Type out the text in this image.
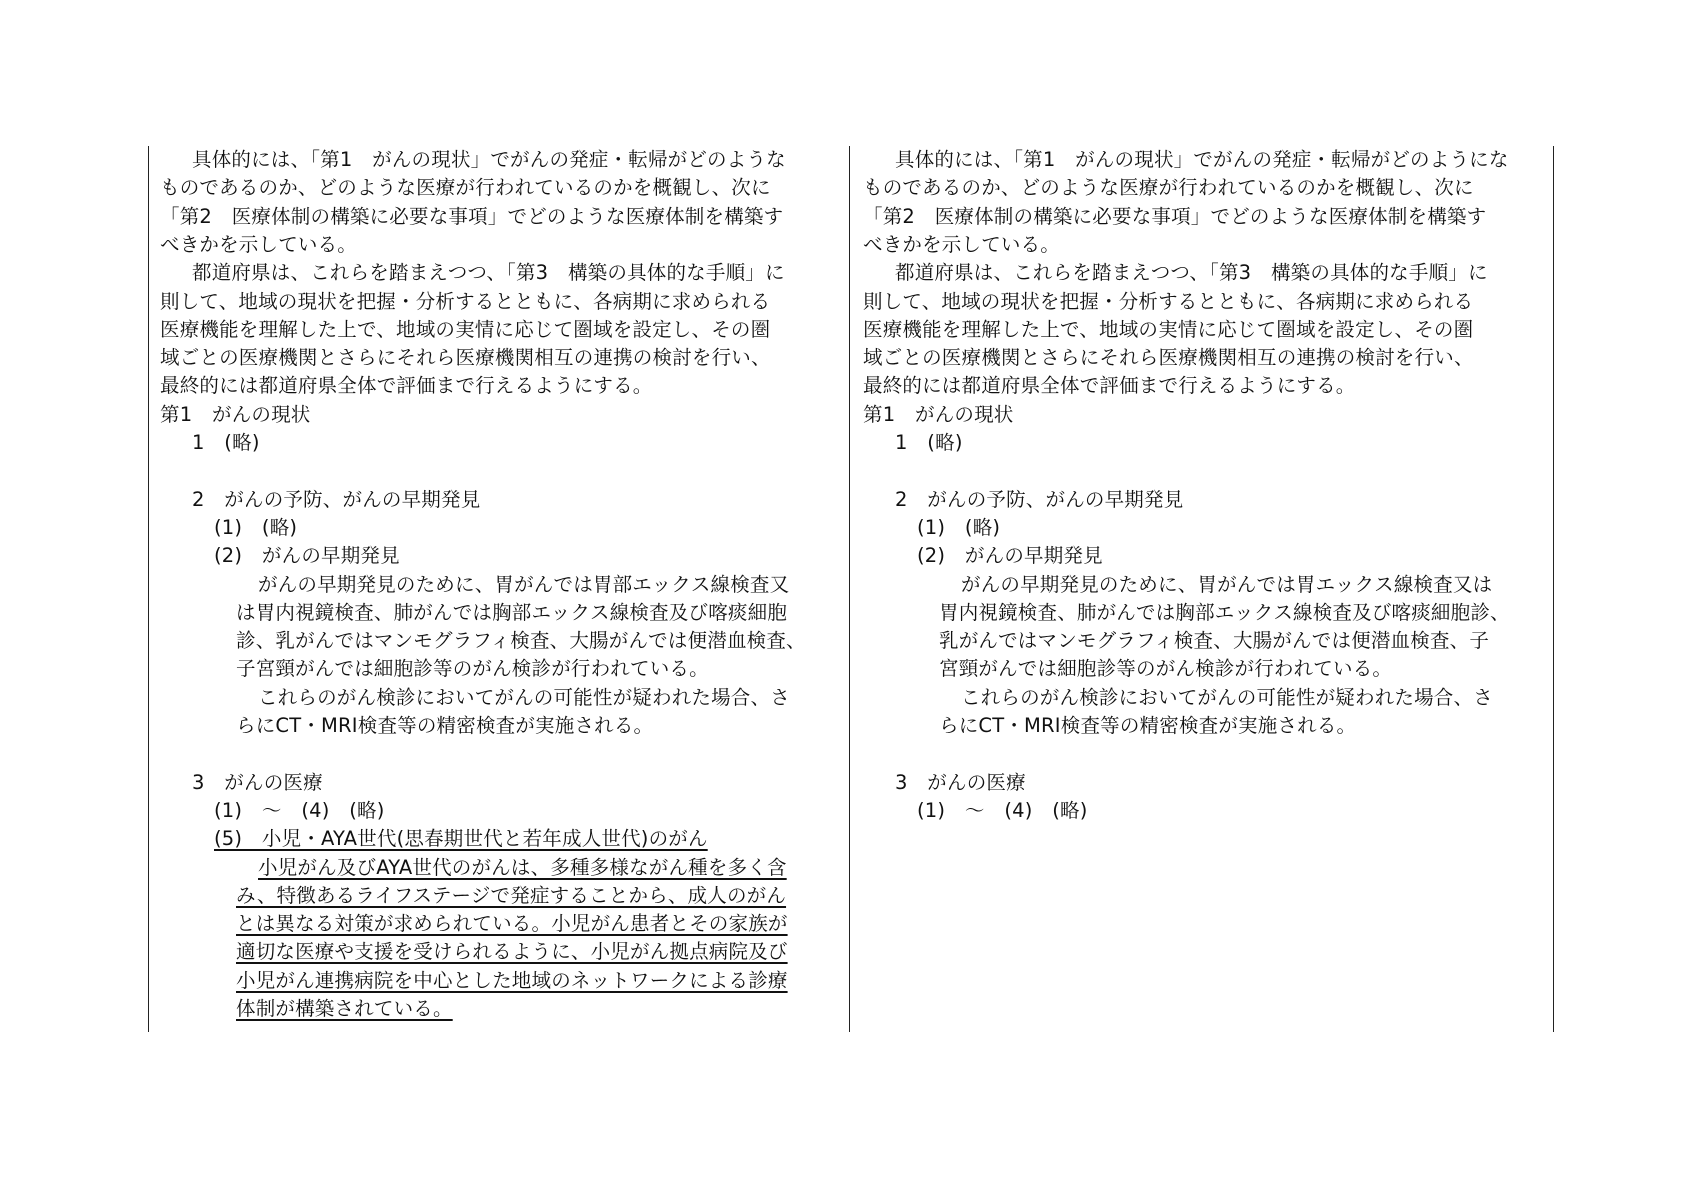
具体的には、「第1　がんの現状」でがんの発症・転帰がどのような
ものであるのか、どのような医療が行われているのかを概観し、次に
「第2　医療体制の構築に必要な事項」でどのような医療体制を構築す
べきかを示している。
都道府県は、これらを踏まえつつ、「第3　構築の具体的な手順」に
則して、地域の現状を把握・分析するとともに、各病期に求められる
医療機能を理解した上で、地域の実情に応じて圏域を設定し、その圏
域ごとの医療機関とさらにそれら医療機関相互の連携の検討を行い、
最終的には都道府県全体で評価まで行えるようにする。
第1　がんの現状
1　(略)
2　がんの予防、がんの早期発見
(1)　(略)
(2)　がんの早期発見
がんの早期発見のために、胃がんでは胃部エックス線検査又
は胃内視鏡検査、肺がんでは胸部エックス線検査及び喀痰細胞
診、乳がんではマンモグラフィ検査、大腸がんでは便潜血検査、
子宮頸がんでは細胞診等のがん検診が行われている。
これらのがん検診においてがんの可能性が疑われた場合、さ
らにCT・MRI検査等の精密検査が実施される。
3　がんの医療
(1)　～　(4)　(略)
(5)　小児・AYA世代(思春期世代と若年成人世代)のがん
小児がん及びAYA世代のがんは、多種多様ながん種を多く含
み、特徴あるライフステージで発症することから、成人のがん
とは異なる対策が求められている。小児がん患者とその家族が
適切な医療や支援を受けられるように、小児がん拠点病院及び
小児がん連携病院を中心とした地域のネットワークによる診療
体制が構築されている。
具体的には、「第1　がんの現状」でがんの発症・転帰がどのようにな
ものであるのか、どのような医療が行われているのかを概観し、次に
「第2　医療体制の構築に必要な事項」でどのような医療体制を構築す
べきかを示している。
都道府県は、これらを踏まえつつ、「第3　構築の具体的な手順」に
則して、地域の現状を把握・分析するとともに、各病期に求められる
医療機能を理解した上で、地域の実情に応じて圏域を設定し、その圏
域ごとの医療機関とさらにそれら医療機関相互の連携の検討を行い、
最終的には都道府県全体で評価まで行えるようにする。
第1　がんの現状
1　(略)
2　がんの予防、がんの早期発見
(1)　(略)
(2)　がんの早期発見
がんの早期発見のために、胃がんでは胃エックス線検査又は
胃内視鏡検査、肺がんでは胸部エックス線検査及び喀痰細胞診、
乳がんではマンモグラフィ検査、大腸がんでは便潜血検査、子
宮頸がんでは細胞診等のがん検診が行われている。
これらのがん検診においてがんの可能性が疑われた場合、さ
らにCT・MRI検査等の精密検査が実施される。
3　がんの医療
(1)　～　(4)　(略)
